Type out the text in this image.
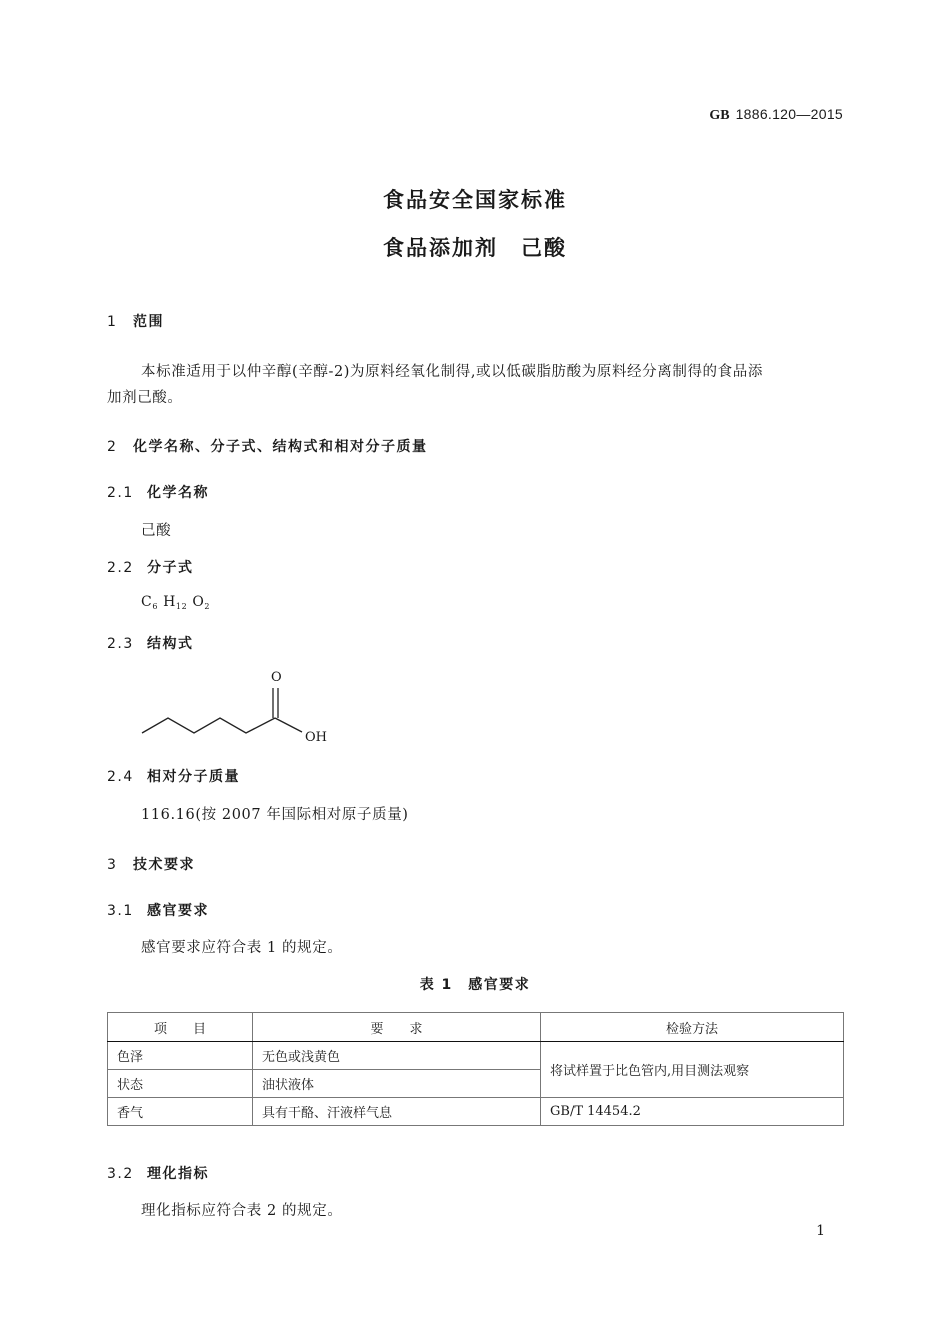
GB 1886.120—2015
食品安全国家标准
食品添加剂　己酸
1 范围
本标准适用于以仲辛醇(辛醇-2)为原料经氧化制得,或以低碳脂肪酸为原料经分离制得的食品添
加剂己酸。
2 化学名称、分子式、结构式和相对分子质量
2.1 化学名称
己酸
2.2 分子式
$C_6$ $H_{12}$ $O_2$
2.3 结构式
O
OH
2.4 相对分子质量
116.16(按 2007 年国际相对原子质量)
3 技术要求
3.1 感官要求
感官要求应符合表 1 的规定。
表 1　感官要求
项　　目	要　　求	检验方法
色泽	无色或浅黄色	将试样置于比色管内,用目测法观察
状态	油状液体	
香气	具有干酪、汗液样气息	GB/T 14454.2
3.2 理化指标
理化指标应符合表 2 的规定。
1
